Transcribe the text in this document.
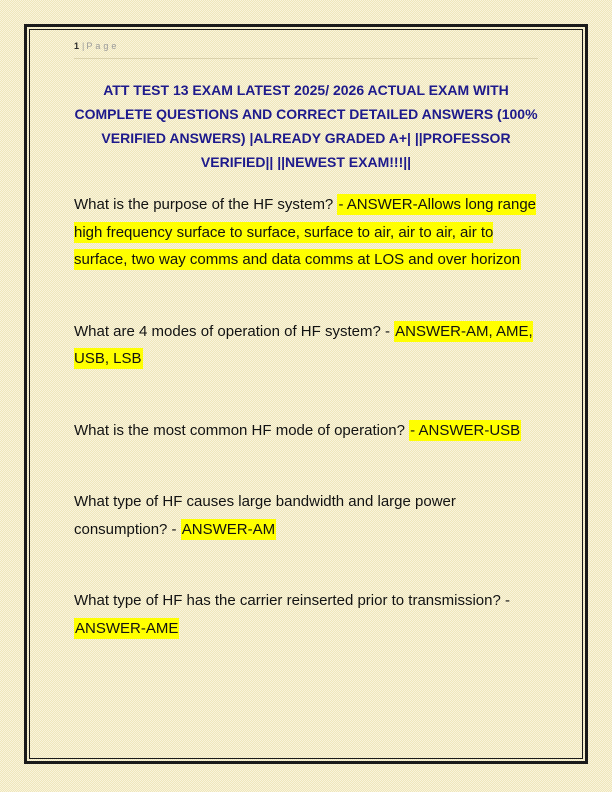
1 | Page
ATT TEST 13 EXAM LATEST 2025/ 2026 ACTUAL EXAM WITH
COMPLETE QUESTIONS AND CORRECT DETAILED ANSWERS (100%
VERIFIED ANSWERS) |ALREADY GRADED A+| ||PROFESSOR
VERIFIED|| ||NEWEST EXAM!!!||

What is the purpose of the HF system? - ANSWER-Allows long range high frequency surface to surface, surface to air, air to air, air to surface, two way comms and data comms at LOS and over horizon

What are 4 modes of operation of HF system? - ANSWER-AM, AME, USB, LSB

What is the most common HF mode of operation? - ANSWER-USB

What type of HF causes large bandwidth and large power consumption? - ANSWER-AM

What type of HF has the carrier reinserted prior to transmission? - ANSWER-AME
